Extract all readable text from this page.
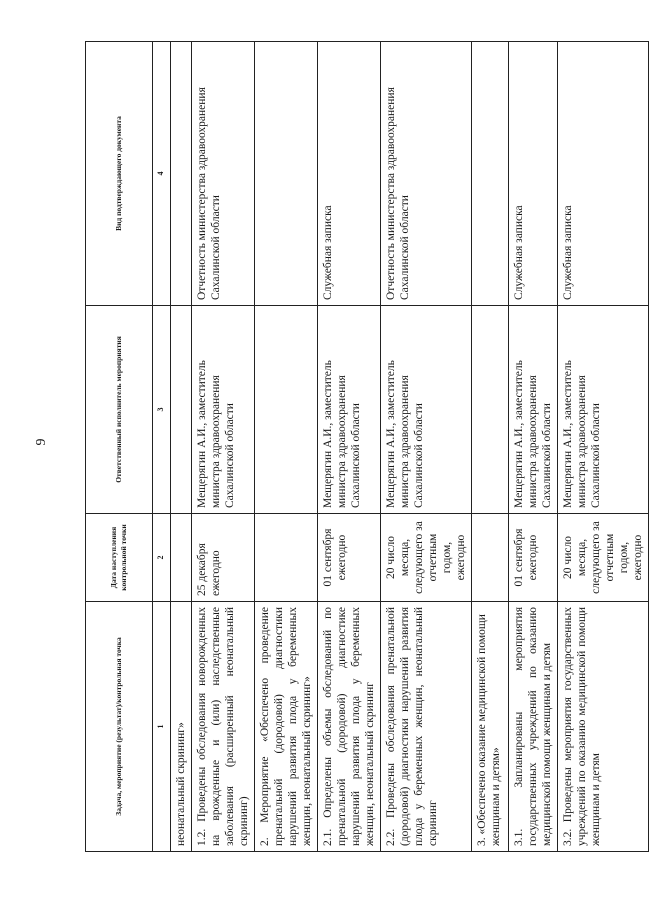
9
Задача, мероприятие (результат)/контрольная точка	Дата наступления контрольной точки	Ответственный исполнитель мероприятия	Вид подтверждающего документа
1	2	3	4
неонатальный скрининг»			
1.2. Проведены обследования новорожденных на врожденные и (или) наследственные заболевания (расширенный неонатальный скрининг)	25 декабря ежегодно	Мещерягин А.И., заместитель министра здравоохранения Сахалинской области	Отчетность министерства здравоохранения Сахалинской области
2. Мероприятие «Обеспечено проведение пренатальной (дородовой) диагностики нарушений развития плода у беременных женщин, неонатальный скрининг»			
2.1. Определены объемы обследований по пренатальной (дородовой) диагностике нарушений развития плода у беременных женщин, неонатальный скрининг	01 сентября ежегодно	Мещерягин А.И., заместитель министра здравоохранения Сахалинской области	Служебная записка
2.2. Проведены обследования пренатальной (дородовой) диагностики нарушений развития плода у беременных женщин, неонатальный скрининг	20 число месяца, следующего за отчетным годом, ежегодно	Мещерягин А.И., заместитель министра здравоохранения Сахалинской области	Отчетность министерства здравоохранения Сахалинской области
3. «Обеспечено оказание медицинской помощи женщинам и детям»			
3.1. Запланированы мероприятия государственных учреждений по оказанию медицинской помощи женщинам и детям	01 сентября ежегодно	Мещерягин А.И., заместитель министра здравоохранения Сахалинской области	Служебная записка
3.2. Проведены мероприятия государственных учреждений по оказанию медицинской помощи женщинам и детям	20 число месяца, следующего за отчетным годом, ежегодно	Мещерягин А.И., заместитель министра здравоохранения Сахалинской области	Служебная записка
